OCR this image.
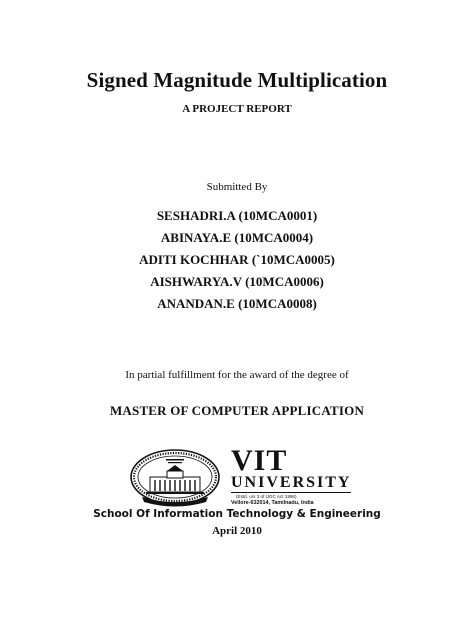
Signed Magnitude Multiplication
A PROJECT REPORT
Submitted By
SESHADRI.A (10MCA0001)
ABINAYA.E (10MCA0004)
ADITI KOCHHAR (`10MCA0005)
AISHWARYA.V (10MCA0006)
ANANDAN.E (10MCA0008)
In partial fulfillment for the award of the degree of
MASTER OF COMPUTER APPLICATION
VIT
UNIVERSITY
(Estd. u/s 3 of UGC Act 1956)
Vellore-632014, Tamilnadu, India
School Of Information Technology & Engineering
April 2010
